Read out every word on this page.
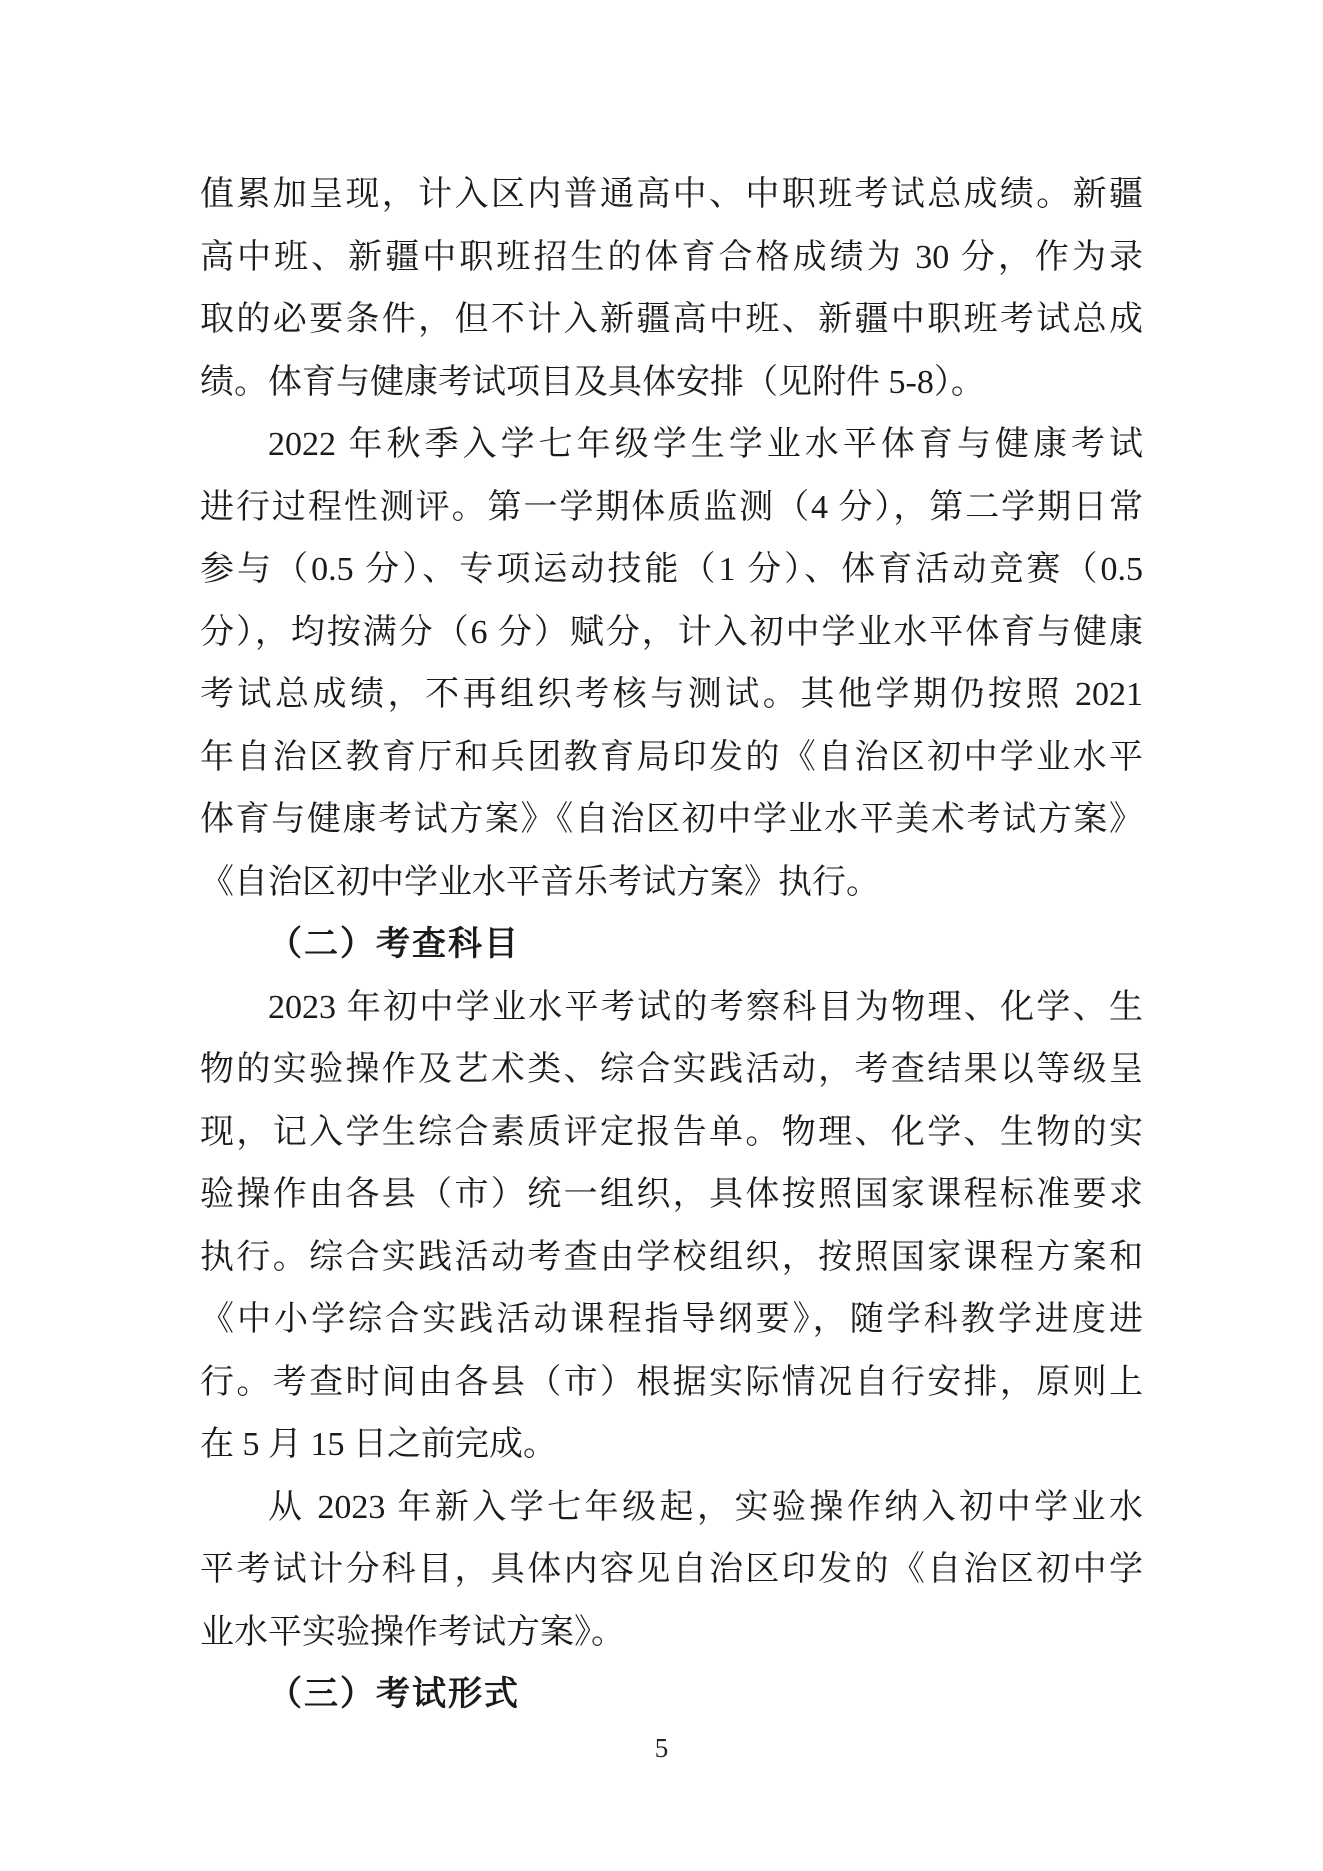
值累加呈现，计入区内普通高中、中职班考试总成绩。新疆
高中班、新疆中职班招生的体育合格成绩为 30 分，作为录
取的必要条件，但不计入新疆高中班、新疆中职班考试总成
绩。体育与健康考试项目及具体安排（见附件 5-8）。
2022 年秋季入学七年级学生学业水平体育与健康考试
进行过程性测评。第一学期体质监测（4 分），第二学期日常
参与（0.5 分）、专项运动技能（1 分）、体育活动竞赛（0.5
分），均按满分（6 分）赋分，计入初中学业水平体育与健康
考试总成绩，不再组织考核与测试。其他学期仍按照 2021
年自治区教育厅和兵团教育局印发的《自治区初中学业水平
体育与健康考试方案》《自治区初中学业水平美术考试方案》
《自治区初中学业水平音乐考试方案》执行。
（二）考查科目
2023 年初中学业水平考试的考察科目为物理、化学、生
物的实验操作及艺术类、综合实践活动，考查结果以等级呈
现，记入学生综合素质评定报告单。物理、化学、生物的实
验操作由各县（市）统一组织，具体按照国家课程标准要求
执行。综合实践活动考查由学校组织，按照国家课程方案和
《中小学综合实践活动课程指导纲要》，随学科教学进度进
行。考查时间由各县（市）根据实际情况自行安排，原则上
在 5 月 15 日之前完成。
从 2023 年新入学七年级起，实验操作纳入初中学业水
平考试计分科目，具体内容见自治区印发的《自治区初中学
业水平实验操作考试方案》。
（三）考试形式
5
